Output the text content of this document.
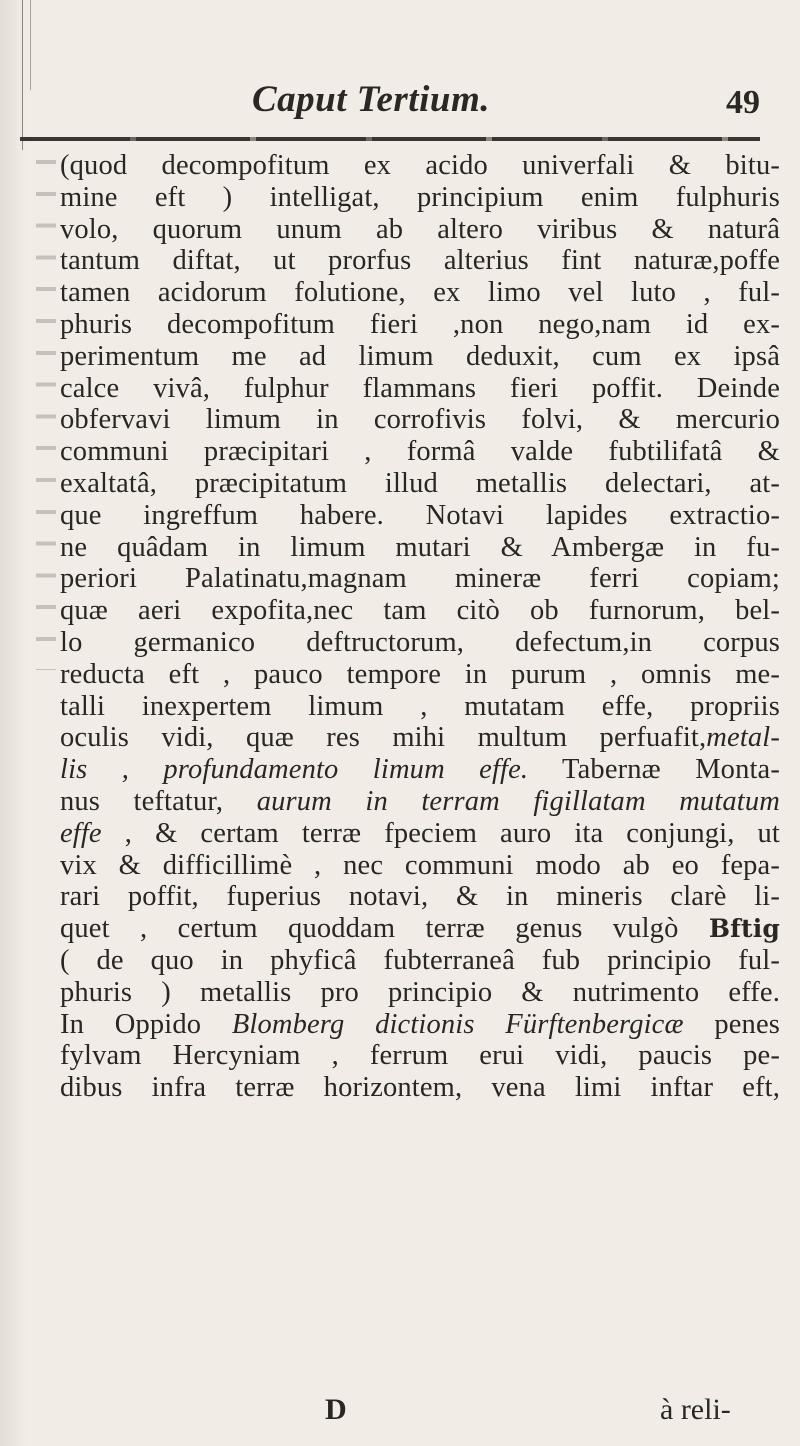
Caput Tertium.	49
(quod decompofitum ex acido univerfali & bitu-
mine eft ) intelligat, principium enim fulphuris
volo, quorum unum ab altero viribus & naturâ
tantum diftat, ut prorfus alterius fint naturæ,poffe
tamen acidorum folutione, ex limo vel luto , ful-
phuris decompofitum fieri ,non nego,nam id ex-
perimentum me ad limum deduxit, cum ex ipsâ
calce vivâ, fulphur flammans fieri poffit. Deinde
obfervavi limum in corrofivis folvi, & mercurio
communi præcipitari , formâ valde fubtilifatâ &
exaltatâ, præcipitatum illud metallis delectari, at-
que ingreffum habere. Notavi lapides extractio-
ne quâdam in limum mutari & Ambergæ in fu-
periori Palatinatu,magnam mineræ ferri copiam;
quæ aeri expofita,nec tam citò ob furnorum, bel-
lo germanico deftructorum, defectum,in corpus
reducta eft , pauco tempore in purum , omnis me-
talli inexpertem limum , mutatam effe, propriis
oculis vidi, quæ res mihi multum perfuafit,metal-
lis , profundamento limum effe. Tabernæ Monta-
nus teftatur, aurum in terram figillatam mutatum
effe , & certam terræ fpeciem auro ita conjungi, ut
vix & difficillimè , nec communi modo ab eo fepa-
rari poffit, fuperius notavi, & in mineris clarè li-
quet , certum quoddam terræ genus vulgò Bftig
( de quo in phyficâ fubterraneâ fub principio ful-
phuris ) metallis pro principio & nutrimento effe.
In Oppido Blomberg dictionis Fürftenbergicæ penes
fylvam Hercyniam , ferrum erui vidi, paucis pe-
dibus infra terræ horizontem, vena limi inftar eft,
D	à reli-
